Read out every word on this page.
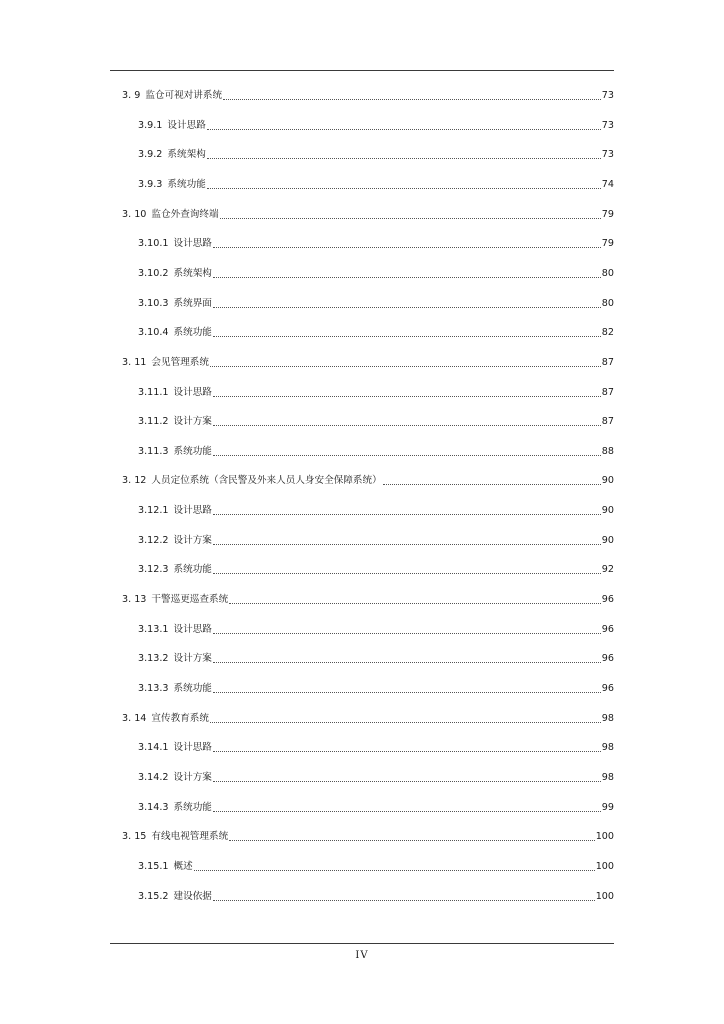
3. 9 监仓可视对讲系统	73
3.9.1 设计思路	73
3.9.2 系统架构	73
3.9.3 系统功能	74
3. 10 监仓外查询终端	79
3.10.1 设计思路	79
3.10.2 系统架构	80
3.10.3 系统界面	80
3.10.4 系统功能	82
3. 11 会见管理系统	87
3.11.1 设计思路	87
3.11.2 设计方案	87
3.11.3 系统功能	88
3. 12 人员定位系统（含民警及外来人员人身安全保障系统）	90
3.12.1 设计思路	90
3.12.2 设计方案	90
3.12.3 系统功能	92
3. 13 干警巡更巡查系统	96
3.13.1 设计思路	96
3.13.2 设计方案	96
3.13.3 系统功能	96
3. 14 宣传教育系统	98
3.14.1 设计思路	98
3.14.2 设计方案	98
3.14.3 系统功能	99
3. 15 有线电视管理系统	100
3.15.1 概述	100
3.15.2 建设依据	100
IV
